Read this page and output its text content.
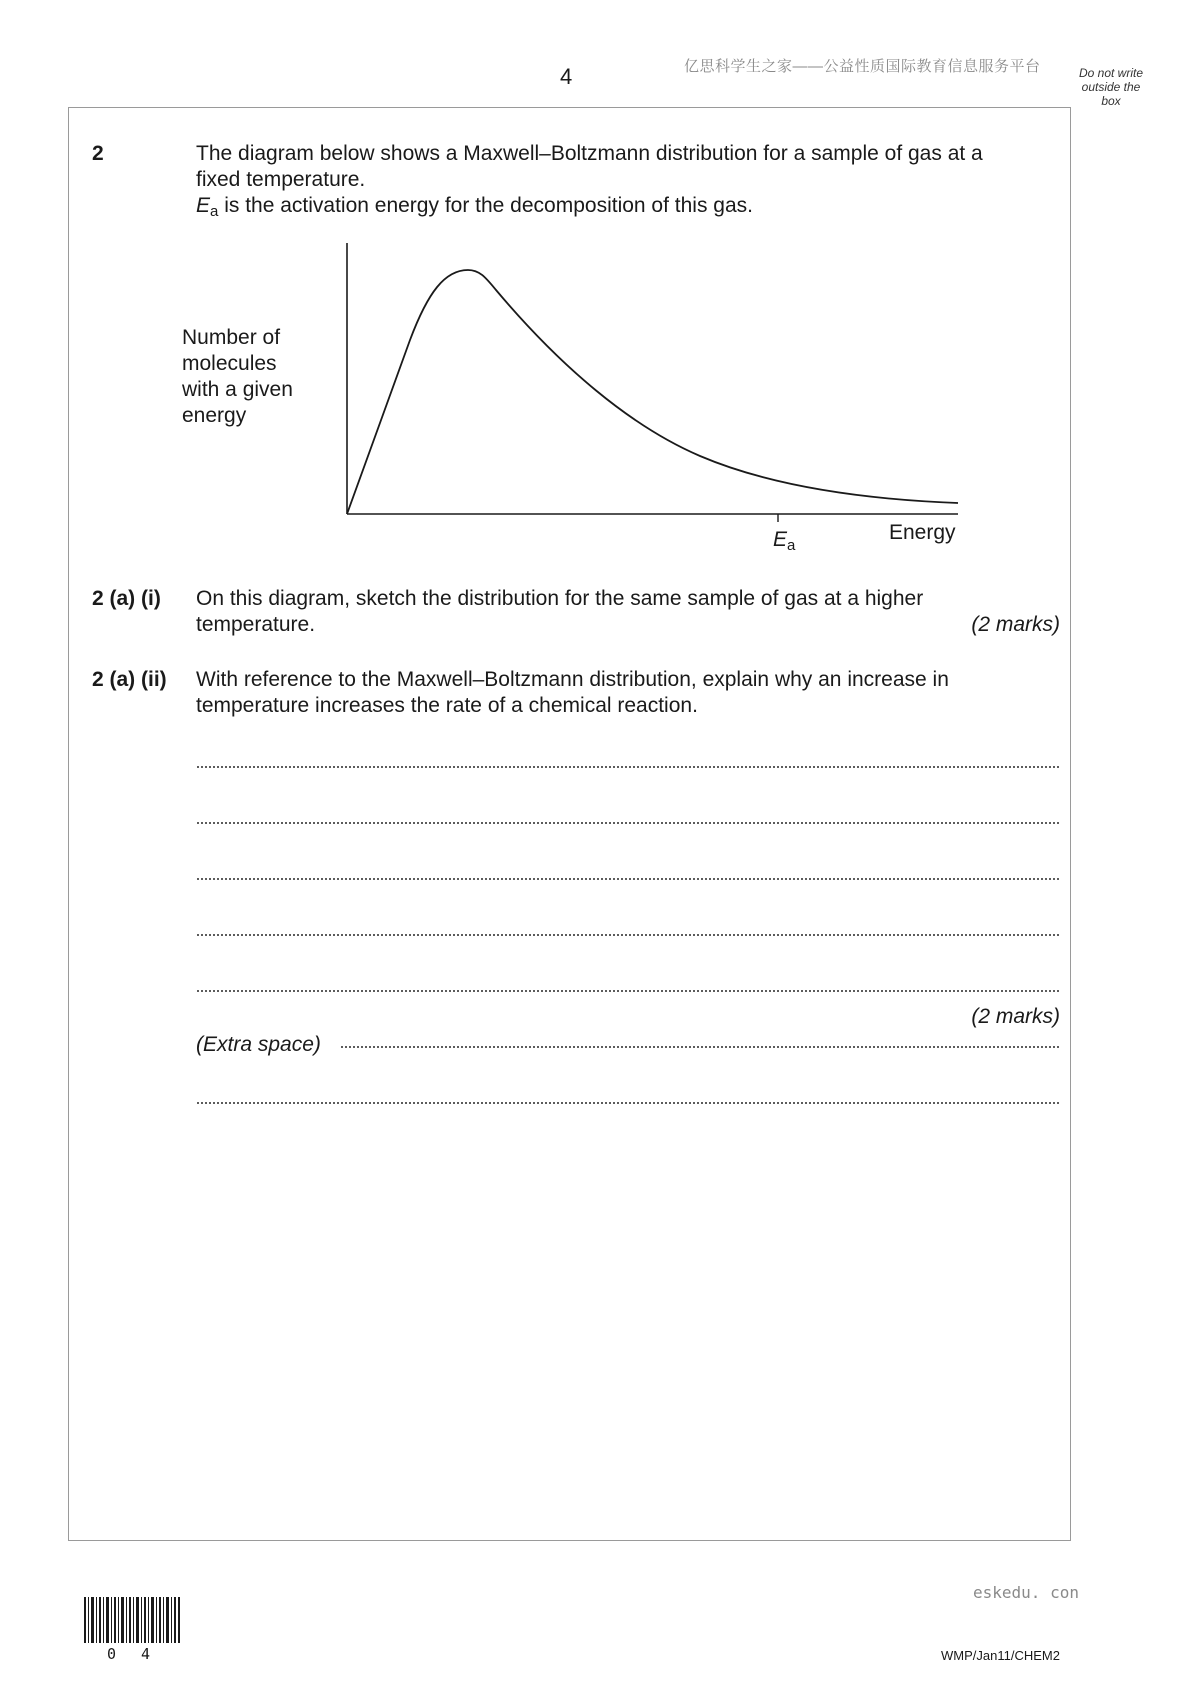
4	亿思科学生之家——公益性质国际教育信息服务平台	Do not write
outside the
box
2	The diagram below shows a Maxwell–Boltzmann distribution for a sample of gas at a
fixed temperature.
$E_a$ is the activation energy for the decomposition of this gas.
Number of
molecules
with a given
energy
$E_a$
Energy
2 (a) (i) On this diagram, sketch the distribution for the same sample of gas at a higher
temperature.	(2 marks)
2 (a) (ii) With reference to the Maxwell–Boltzmann distribution, explain why an increase in
temperature increases the rate of a chemical reaction.
(2 marks)
(Extra space)
eskedu. con
0 4	WMP/Jan11/CHEM2
